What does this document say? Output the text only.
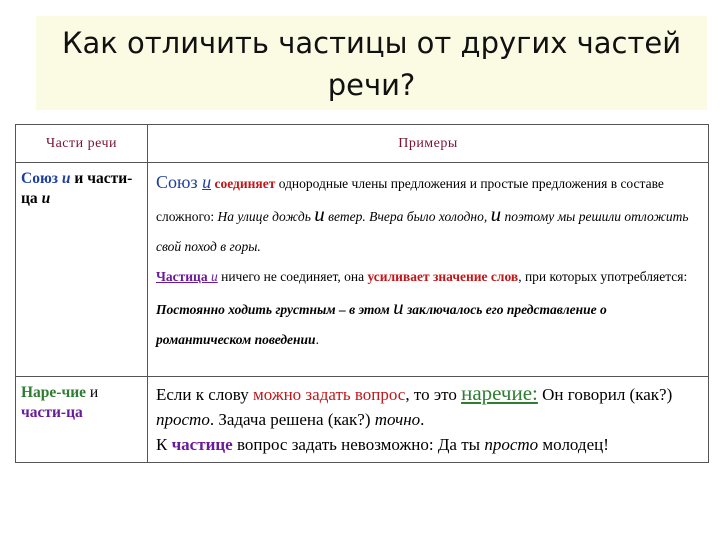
Как отличить частицы от других частей речи?
Части речи	Примеры
Союз и и части-ца и	Союз и соединяет однородные члены предложения и простые предложения в составе сложного: На улице дождь и ветер. Вчера было холодно, и поэтому мы решили отложить свой поход в горы.

Частица и ничего не соединяет, она усиливает значение слов, при которых употребляется: Постоянно ходить грустным – в этом и заключалось его представление о романтическом поведении.

Наре-чие и части-ца	Если к слову можно задать вопрос, то это наречие: Он говорил (как?) просто. Задача решена (как?) точно.

К частице вопрос задать невозможно: Да ты просто молодец!
